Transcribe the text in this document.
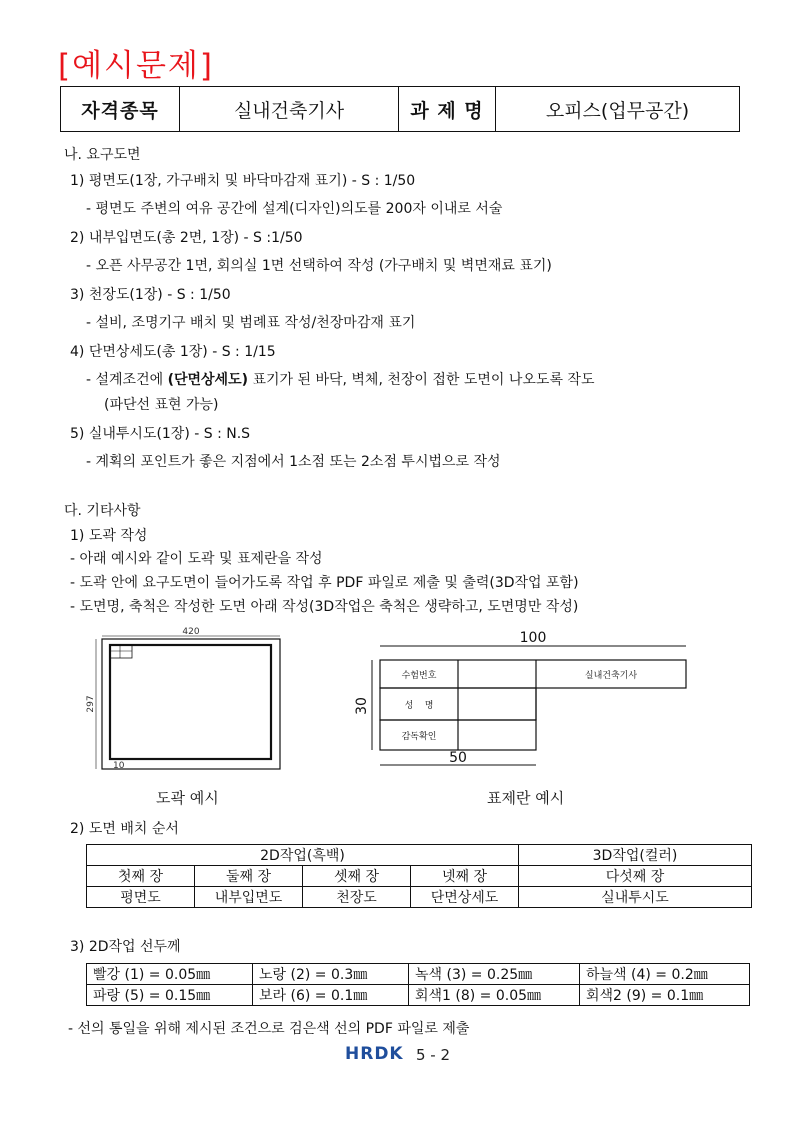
[예시문제]
자격종목	실내건축기사	과 제 명	오피스(업무공간)
나. 요구도면
1) 평면도(1장, 가구배치 및 바닥마감재 표기) - S : 1/50
- 평면도 주변의 여유 공간에 설계(디자인)의도를 200자 이내로 서술
2) 내부입면도(총 2면, 1장) - S :1/50
- 오픈 사무공간 1면, 회의실 1면 선택하여 작성 (가구배치 및 벽면재료 표기)
3) 천장도(1장) - S : 1/50
- 설비, 조명기구 배치 및 범례표 작성/천장마감재 표기
4) 단면상세도(총 1장) - S : 1/15
- 설계조건에 (단면상세도) 표기가 된 바닥, 벽체, 천장이 접한 도면이 나오도록 작도
(파단선 표현 가능)
5) 실내투시도(1장) - S : N.S
- 계획의 포인트가 좋은 지점에서 1소점 또는 2소점 투시법으로 작성
다. 기타사항
1) 도곽 작성
- 아래 예시와 같이 도곽 및 표제란을 작성
- 도곽 안에 요구도면이 들어가도록 작업 후 PDF 파일로 제출 및 출력(3D작업 포함)
- 도면명, 축척은 작성한 도면 아래 작성(3D작업은 축척은 생략하고, 도면명만 작성)
420
297
10
도곽 예시
100
수험번호
성    명
감독확인
실내건축기사
30
50
표제란 예시
2) 도면 배치 순서
2D작업(흑백)				3D작업(컬러)
첫째 장	둘째 장	셋째 장	넷째 장	다섯째 장
평면도	내부입면도	천장도	단면상세도	실내투시도
3) 2D작업 선두께
빨강 (1) = 0.05㎜	노랑 (2) = 0.3㎜	녹색 (3) = 0.25㎜	하늘색 (4) = 0.2㎜
파랑 (5) = 0.15㎜	보라 (6) = 0.1㎜	회색1 (8) = 0.05㎜	회색2 (9) = 0.1㎜
- 선의 통일을 위해 제시된 조건으로 검은색 선의 PDF 파일로 제출
HRDK 5 - 2
